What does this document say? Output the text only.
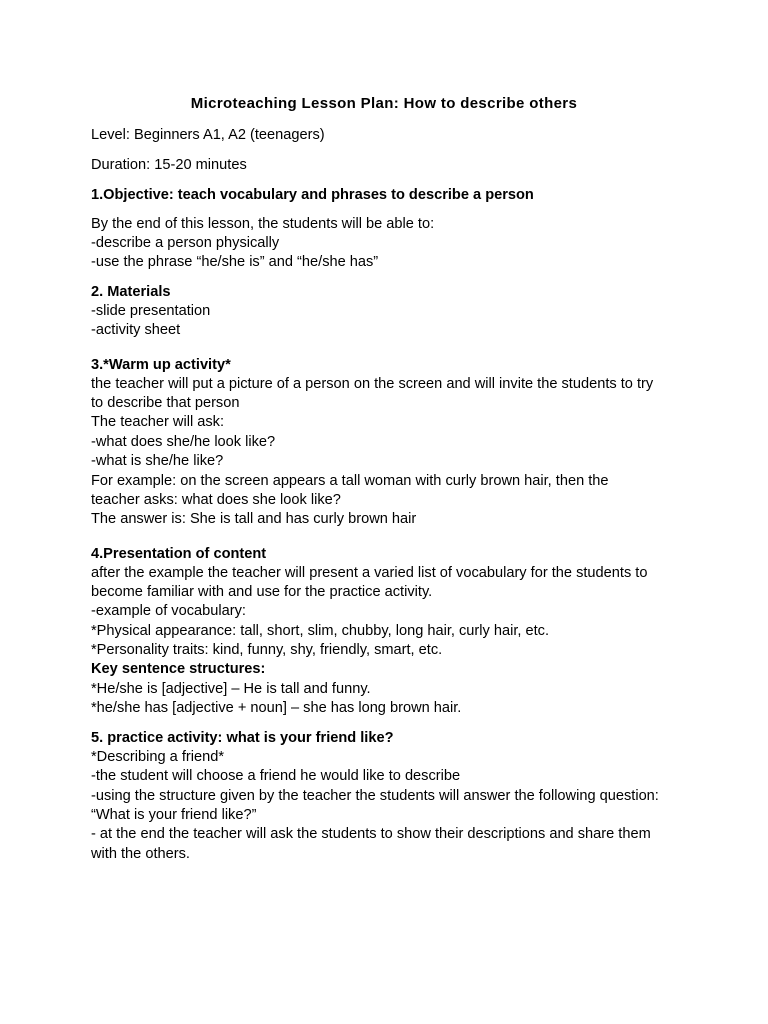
Microteaching Lesson Plan: How to describe others
Level: Beginners A1, A2 (teenagers)
Duration: 15-20 minutes
1.Objective: teach vocabulary and phrases to describe a person
By the end of this lesson, the students will be able to:
-describe a person physically
-use the phrase “he/she is” and “he/she has”
2. Materials
-slide presentation
-activity sheet
3.*Warm up activity*
the teacher will put a picture of a person on the screen and will invite the students to try
to describe that person
The teacher will ask:
-what does she/he look like?
-what is she/he like?
For example: on the screen appears a tall woman with curly brown hair, then the
teacher asks: what does she look like?
The answer is: She is tall and has curly brown hair
4.Presentation of content
after the example the teacher will present a varied list of vocabulary for the students to
become familiar with and use for the practice activity.
-example of vocabulary:
*Physical appearance: tall, short, slim, chubby, long hair, curly hair, etc.
*Personality traits: kind, funny, shy, friendly, smart, etc.
Key sentence structures:
*He/she is [adjective] – He is tall and funny.
*he/she has [adjective + noun] – she has long brown hair.
5. practice activity: what is your friend like?
*Describing a friend*
-the student will choose a friend he would like to describe
-using the structure given by the teacher the students will answer the following question:
“What is your friend like?”
- at the end the teacher will ask the students to show their descriptions and share them
with the others.
